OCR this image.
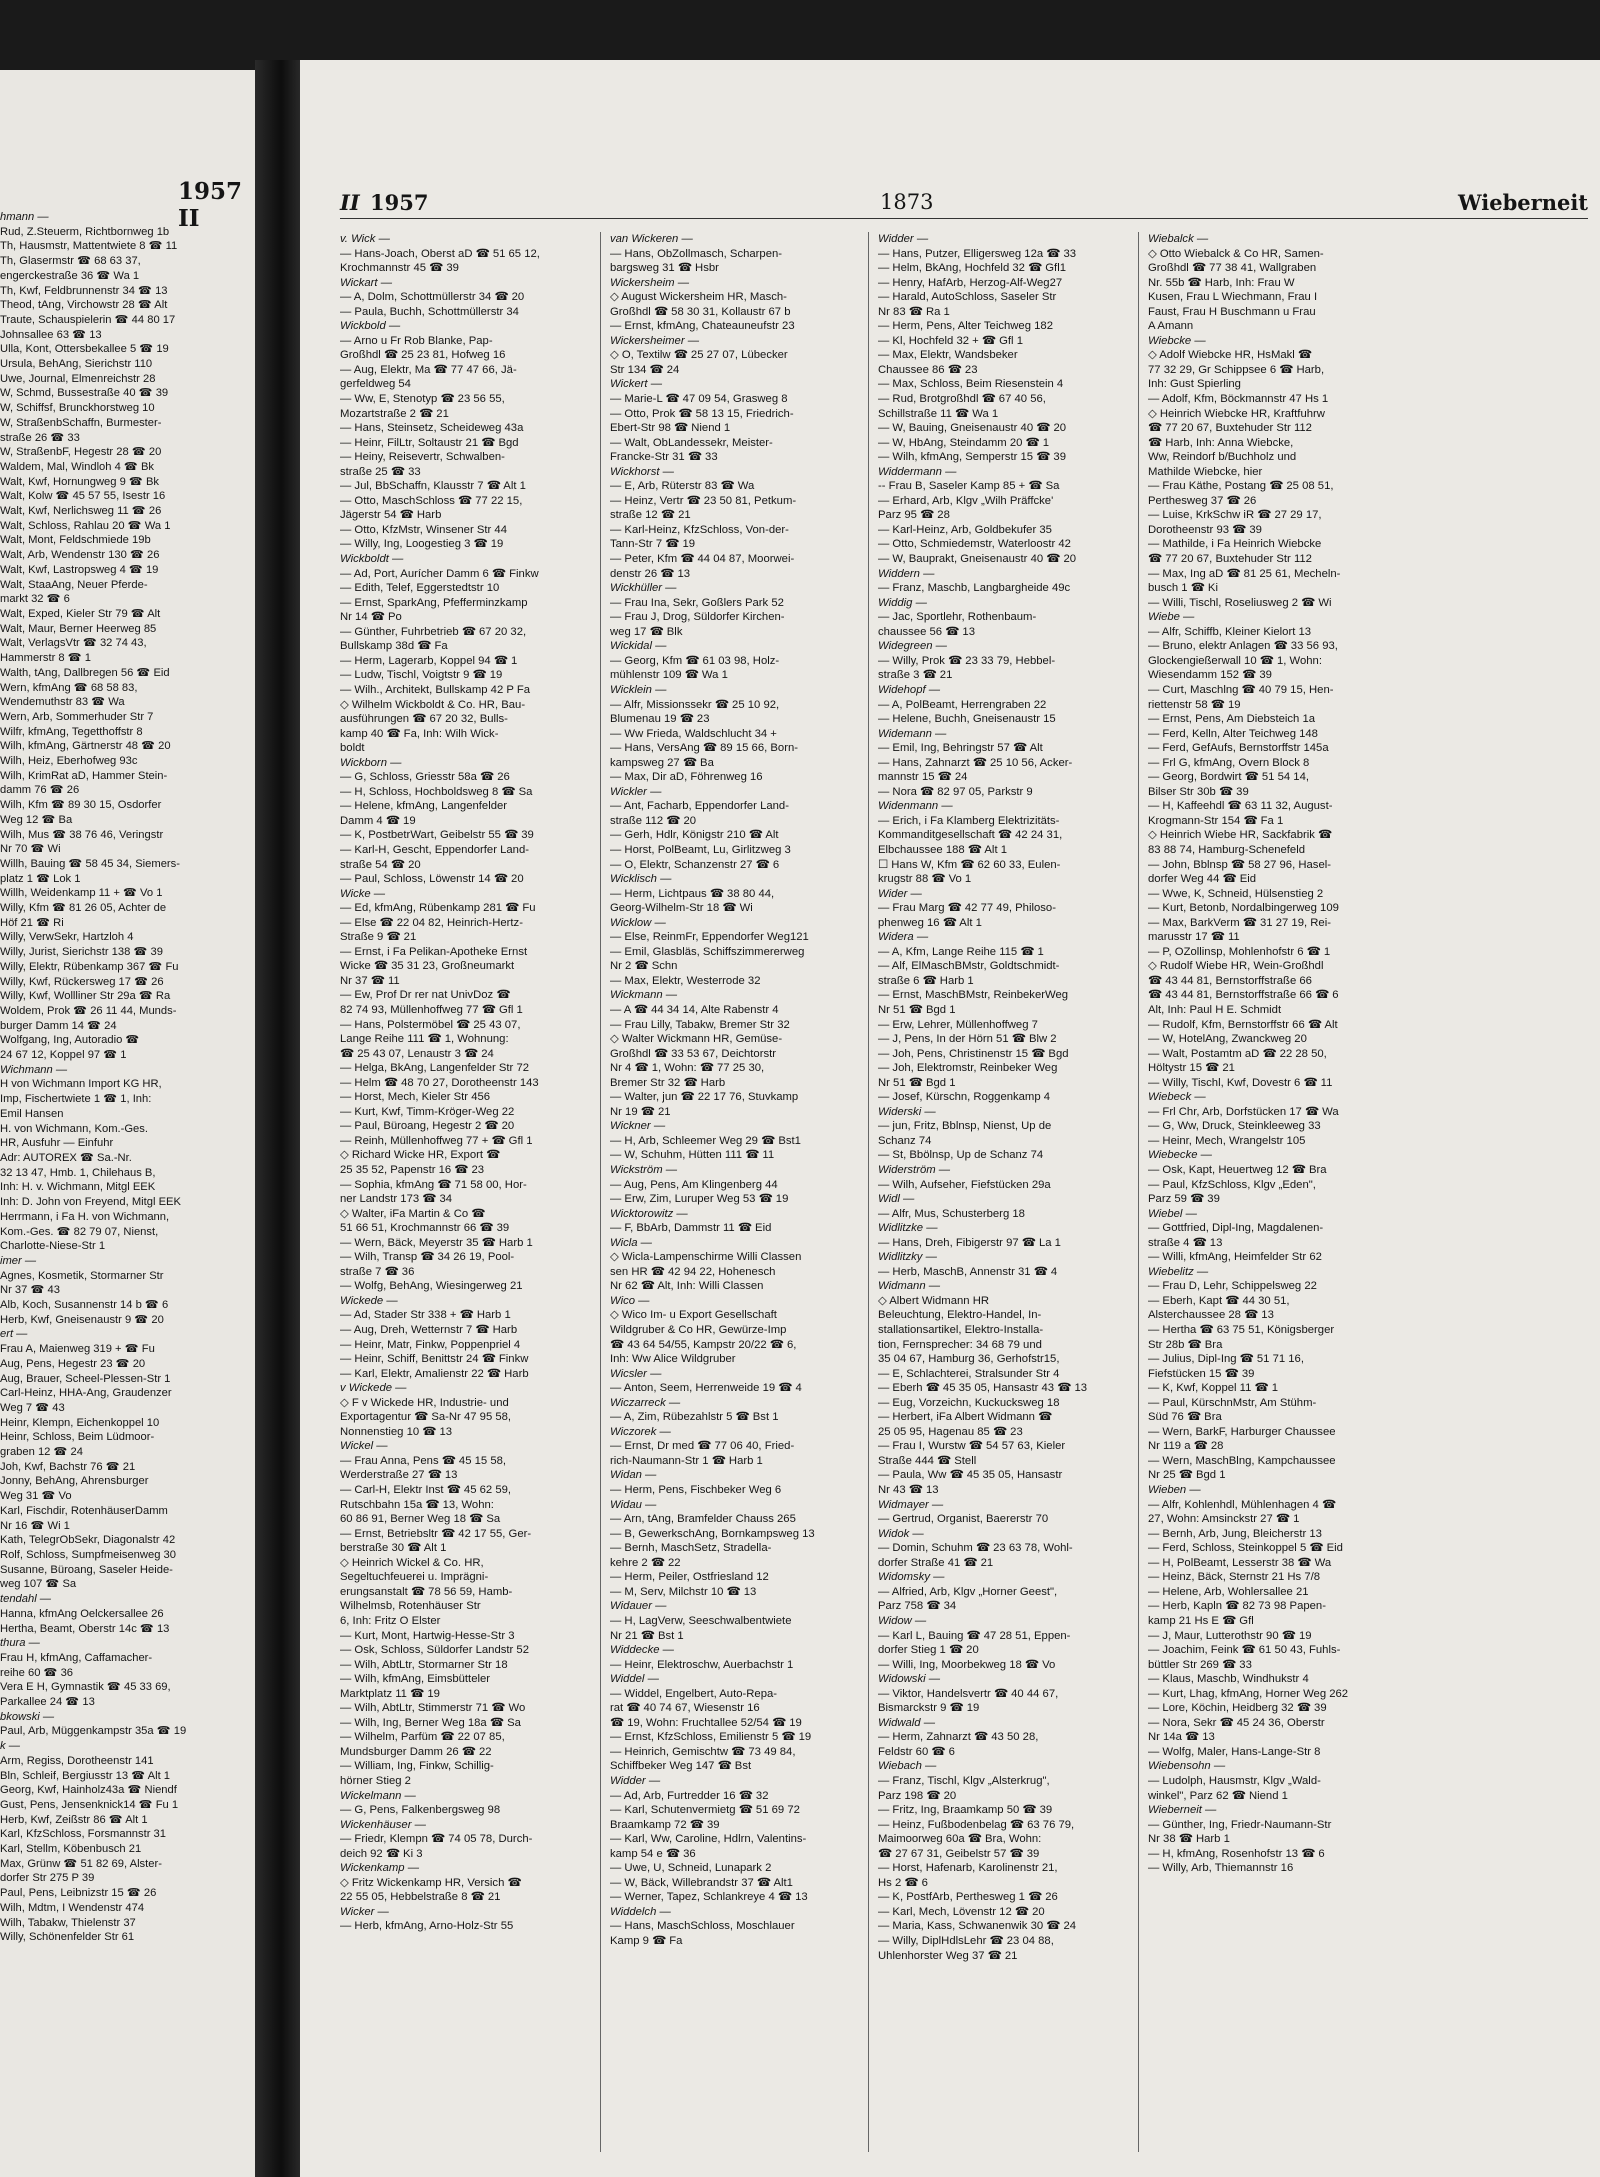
1957 II
hmann —
Rud, Z.Steuerm, Richtbornweg 1b
Th, Hausmstr, Mattentwiete 8 ☎ 11
Th, Glasermstr ☎ 68 63 37,
engerckestraße 36 ☎ Wa 1
Th, Kwf, Feldbrunnenstr 34 ☎ 13
Theod, tAng, Virchowstr 28 ☎ Alt
Traute, Schauspielerin ☎ 44 80 17
Johnsallee 63 ☎ 13
Ulla, Kont, Ottersbekallee 5 ☎ 19
Ursula, BehAng, Sierichstr 110
Uwe, Journal, Elmenreichstr 28
W, Schmd, Bussestraße 40 ☎ 39
W, Schiffsf, Brunckhorstweg 10
W, StraßenbSchaffn, Burmester-
straße 26 ☎ 33
W, StraßenbF, Hegestr 28 ☎ 20
Waldem, Mal, Windloh 4 ☎ Bk
Walt, Kwf, Hornungweg 9 ☎ Bk
Walt, Kolw ☎ 45 57 55, Isestr 16
Walt, Kwf, Nerlichsweg 11 ☎ 26
Walt, Schloss, Rahlau 20 ☎ Wa 1
Walt, Mont, Feldschmiede 19b
Walt, Arb, Wendenstr 130 ☎ 26
Walt, Kwf, Lastropsweg 4 ☎ 19
Walt, StaaAng, Neuer Pferde-
markt 32 ☎ 6
Walt, Exped, Kieler Str 79 ☎ Alt
Walt, Maur, Berner Heerweg 85
Walt, VerlagsVtr ☎ 32 74 43,
Hammerstr 8 ☎ 1
Walth, tAng, Dallbregen 56 ☎ Eid
Wern, kfmAng ☎ 68 58 83,
Wendemuthstr 83 ☎ Wa
Wern, Arb, Sommerhuder Str 7
Wilfr, kfmAng, Tegetthoffstr 8
Wilh, kfmAng, Gärtnerstr 48 ☎ 20
Wilh, Heiz, Eberhofweg 93c
Wilh, KrimRat aD, Hammer Stein-
damm 76 ☎ 26
Wilh, Kfm ☎ 89 30 15, Osdorfer
Weg 12 ☎ Ba
Wilh, Mus ☎ 38 76 46, Veringstr
Nr 70 ☎ Wi
Willh, Bauing ☎ 58 45 34, Siemers-
platz 1 ☎ Lok 1
Willh, Weidenkamp 11 + ☎ Vo 1
Willy, Kfm ☎ 81 26 05, Achter de
Höf 21 ☎ Ri
Willy, VerwSekr, Hartzloh 4
Willy, Jurist, Sierichstr 138 ☎ 39
Willy, Elektr, Rübenkamp 367 ☎ Fu
Willy, Kwf, Rückersweg 17 ☎ 26
Willy, Kwf, Wollliner Str 29a ☎ Ra
Woldem, Prok ☎ 26 11 44, Munds-
burger Damm 14 ☎ 24
Wolfgang, Ing, Autoradio ☎
24 67 12, Koppel 97 ☎ 1
Wichmann —
H von Wichmann Import KG HR,
Imp, Fischertwiete 1 ☎ 1, Inh:
Emil Hansen
H. von Wichmann, Kom.-Ges.
HR, Ausfuhr — Einfuhr
Adr: AUTOREX ☎ Sa.-Nr.
32 13 47, Hmb. 1, Chilehaus B,
Inh: H. v. Wichmann, Mitgl EEK
Inh: D. John von Freyend, Mitgl EEK
Herrmann, i Fa H. von Wichmann,
Kom.-Ges. ☎ 82 79 07, Nienst,
Charlotte-Niese-Str 1
imer —
Agnes, Kosmetik, Stormarner Str
Nr 37 ☎ 43
Alb, Koch, Susannenstr 14 b ☎ 6
Herb, Kwf, Gneisenaustr 9 ☎ 20
ert —
Frau A, Maienweg 319 + ☎ Fu
Aug, Pens, Hegestr 23 ☎ 20
Aug, Brauer, Scheel-Plessen-Str 1
Carl-Heinz, HHA-Ang, Graudenzer
Weg 7 ☎ 43
Heinr, Klempn, Eichenkoppel 10
Heinr, Schloss, Beim Lüdmoor-
graben 12 ☎ 24
Joh, Kwf, Bachstr 76 ☎ 21
Jonny, BehAng, Ahrensburger
Weg 31 ☎ Vo
Karl, Fischdir, RotenhäuserDamm
Nr 16 ☎ Wi 1
Kath, TelegrObSekr, Diagonalstr 42
Rolf, Schloss, Sumpfmeisenweg 30
Susanne, Büroang, Saseler Heide-
weg 107 ☎ Sa
tendahl —
Hanna, kfmAng Oelckersallee 26
Hertha, Beamt, Oberstr 14c ☎ 13
thura —
Frau H, kfmAng, Caffamacher-
reihe 60 ☎ 36
Vera E H, Gymnastik ☎ 45 33 69,
Parkallee 24 ☎ 13
bkowski —
Paul, Arb, Müggenkampstr 35a ☎ 19
k —
Arm, Regiss, Dorotheenstr 141
Bln, Schleif, Bergiusstr 13 ☎ Alt 1
Georg, Kwf, Hainholz43a ☎ Niendf
Gust, Pens, Jensenknick14 ☎ Fu 1
Herb, Kwf, Zeißstr 86 ☎ Alt 1
Karl, KfzSchloss, Forsmannstr 31
Karl, Stellm, Köbenbusch 21
Max, Grünw ☎ 51 82 69, Alster-
dorfer Str 275 P 39
Paul, Pens, Leibnizstr 15 ☎ 26
Wilh, Mdtm, I Wendenstr 474
Wilh, Tabakw, Thielenstr 37
Willy, Schönenfelder Str 61
II 1957	1873	Wieberneit
v. Wick —
— Hans-Joach, Oberst aD ☎ 51 65 12,
Krochmannstr 45 ☎ 39
Wickart —
— A, Dolm, Schottmüllerstr 34 ☎ 20
— Paula, Buchh, Schottmüllerstr 34
Wickbold —
— Arno u Fr Rob Blanke, Pap-
Großhdl ☎ 25 23 81, Hofweg 16
— Aug, Elektr, Ma ☎ 77 47 66, Jä-
gerfeldweg 54
— Ww, E, Stenotyp ☎ 23 56 55,
Mozartstraße 2 ☎ 21
— Hans, Steinsetz, Scheideweg 43a
— Heinr, FilLtr, Soltaustr 21 ☎ Bgd
— Heiny, Reisevertr, Schwalben-
straße 25 ☎ 33
— Jul, BbSchaffn, Klausstr 7 ☎ Alt 1
— Otto, MaschSchloss ☎ 77 22 15,
Jägerstr 54 ☎ Harb
— Otto, KfzMstr, Winsener Str 44
— Willy, Ing, Loogestieg 3 ☎ 19
Wickboldt —
— Ad, Port, Aurícher Damm 6 ☎ Finkw
— Edith, Telef, Eggerstedtstr 10
— Ernst, SparkAng, Pfefferminzkamp
Nr 14 ☎ Po
— Günther, Fuhrbetrieb ☎ 67 20 32,
Bullskamp 38d ☎ Fa
— Herm, Lagerarb, Koppel 94 ☎ 1
— Ludw, Tischl, Voigtstr 9 ☎ 19
— Wilh., Architekt, Bullskamp 42 P Fa
◇ Wilhelm Wickboldt & Co. HR, Bau-
ausführungen ☎ 67 20 32, Bulls-
kamp 40 ☎ Fa, Inh: Wilh Wick-
boldt
Wickborn —
— G, Schloss, Griesstr 58a ☎ 26
— H, Schloss, Hochboldsweg 8 ☎ Sa
— Helene, kfmAng, Langenfelder
Damm 4 ☎ 19
— K, PostbetrWart, Geibelstr 55 ☎ 39
— Karl-H, Gescht, Eppendorfer Land-
straße 54 ☎ 20
— Paul, Schloss, Löwenstr 14 ☎ 20
Wicke —
— Ed, kfmAng, Rübenkamp 281 ☎ Fu
— Else ☎ 22 04 82, Heinrich-Hertz-
Straße 9 ☎ 21
— Ernst, i Fa Pelikan-Apotheke Ernst
Wicke ☎ 35 31 23, Großneumarkt
Nr 37 ☎ 11
— Ew, Prof Dr rer nat UnivDoz ☎
82 74 93, Müllenhoffweg 77 ☎ Gfl 1
— Hans, Polstermöbel ☎ 25 43 07,
Lange Reihe 111 ☎ 1, Wohnung:
☎ 25 43 07, Lenaustr 3 ☎ 24
— Helga, BkAng, Langenfelder Str 72
— Helm ☎ 48 70 27, Dorotheenstr 143
— Horst, Mech, Kieler Str 456
— Kurt, Kwf, Timm-Kröger-Weg 22
— Paul, Büroang, Hegestr 2 ☎ 20
— Reinh, Müllenhoffweg 77 + ☎ Gfl 1
◇ Richard Wicke HR, Export ☎
25 35 52, Papenstr 16 ☎ 23
— Sophia, kfmAng ☎ 71 58 00, Hor-
ner Landstr 173 ☎ 34
◇ Walter, iFa Martin & Co ☎
51 66 51, Krochmannstr 66 ☎ 39
— Wern, Bäck, Meyerstr 35 ☎ Harb 1
— Wilh, Transp ☎ 34 26 19, Pool-
straße 7 ☎ 36
— Wolfg, BehAng, Wiesingerweg 21
Wickede —
— Ad, Stader Str 338 + ☎ Harb 1
— Aug, Dreh, Wetternstr 7 ☎ Harb
— Heinr, Matr, Finkw, Poppenpriel 4
— Heinr, Schiff, Benittstr 24 ☎ Finkw
— Karl, Elektr, Amalienstr 22 ☎ Harb
v Wickede —
◇ F v Wickede HR, Industrie- und
Exportagentur ☎ Sa-Nr 47 95 58,
Nonnenstieg 10 ☎ 13
Wickel —
— Frau Anna, Pens ☎ 45 15 58,
Werderstraße 27 ☎ 13
— Carl-H, Elektr Inst ☎ 45 62 59,
Rutschbahn 15a ☎ 13, Wohn:
60 86 91, Berner Weg 18 ☎ Sa
— Ernst, Betriebsltr ☎ 42 17 55, Ger-
berstraße 30 ☎ Alt 1
◇ Heinrich Wickel & Co. HR,
Segeltuchfeuerei u. Imprägni-
erungsanstalt ☎ 78 56 59, Hamb-
Wilhelmsb, Rotenhäuser Str
6, Inh: Fritz O Elster
— Kurt, Mont, Hartwig-Hesse-Str 3
— Osk, Schloss, Süldorfer Landstr 52
— Wilh, AbtLtr, Stormarner Str 18
— Wilh, kfmAng, Eimsbütteler
Marktplatz 11 ☎ 19
— Wilh, AbtLtr, Stimmerstr 71 ☎ Wo
— Wilh, Ing, Berner Weg 18a ☎ Sa
— Wilhelm, Parfüm ☎ 22 07 85,
Mundsburger Damm 26 ☎ 22
— William, Ing, Finkw, Schillig-
hörner Stieg 2
Wickelmann —
— G, Pens, Falkenbergsweg 98
Wickenhäuser —
— Friedr, Klempn ☎ 74 05 78, Durch-
deich 92 ☎ Ki 3
Wickenkamp —
◇ Fritz Wickenkamp HR, Versich ☎
22 55 05, Hebbelstraße 8 ☎ 21
Wicker —
— Herb, kfmAng, Arno-Holz-Str 55
van Wickeren —
— Hans, ObZollmasch, Scharpen-
bargsweg 31 ☎ Hsbr
Wickersheim —
◇ August Wickersheim HR, Masch-
Großhdl ☎ 58 30 31, Kollaustr 67 b
— Ernst, kfmAng, Chateauneufstr 23
Wickersheimer —
◇ O, Textilw ☎ 25 27 07, Lübecker
Str 134 ☎ 24
Wickert —
— Marie-L ☎ 47 09 54, Grasweg 8
— Otto, Prok ☎ 58 13 15, Friedrich-
Ebert-Str 98 ☎ Niend 1
— Walt, ObLandessekr, Meister-
Francke-Str 31 ☎ 33
Wickhorst —
— E, Arb, Rüterstr 83 ☎ Wa
— Heinz, Vertr ☎ 23 50 81, Petkum-
straße 12 ☎ 21
— Karl-Heinz, KfzSchloss, Von-der-
Tann-Str 7 ☎ 19
— Peter, Kfm ☎ 44 04 87, Moorwei-
denstr 26 ☎ 13
Wickhüller —
— Frau Ina, Sekr, Goßlers Park 52
— Frau J, Drog, Süldorfer Kirchen-
weg 17 ☎ Blk
Wickidal —
— Georg, Kfm ☎ 61 03 98, Holz-
mühlenstr 109 ☎ Wa 1
Wicklein —
— Alfr, Missionssekr ☎ 25 10 92,
Blumenau 19 ☎ 23
— Ww Frieda, Waldschlucht 34 +
— Hans, VersAng ☎ 89 15 66, Born-
kampsweg 27 ☎ Ba
— Max, Dir aD, Föhrenweg 16
Wickler —
— Ant, Facharb, Eppendorfer Land-
straße 112 ☎ 20
— Gerh, Hdlr, Königstr 210 ☎ Alt
— Horst, PolBeamt, Lu, Girlitzweg 3
— O, Elektr, Schanzenstr 27 ☎ 6
Wicklisch —
— Herm, Lichtpaus ☎ 38 80 44,
Georg-Wilhelm-Str 18 ☎ Wi
Wicklow —
— Else, ReinmFr, Eppendorfer Weg121
— Emil, Glasbläs, Schiffszimmererweg
Nr 2 ☎ Schn
— Max, Elektr, Westerrode 32
Wickmann —
— A ☎ 44 34 14, Alte Rabenstr 4
— Frau Lilly, Tabakw, Bremer Str 32
◇ Walter Wickmann HR, Gemüse-
Großhdl ☎ 33 53 67, Deichtorstr
Nr 4 ☎ 1, Wohn: ☎ 77 25 30,
Bremer Str 32 ☎ Harb
— Walter, jun ☎ 22 17 76, Stuvkamp
Nr 19 ☎ 21
Wickner —
— H, Arb, Schleemer Weg 29 ☎ Bst1
— W, Schuhm, Hütten 111 ☎ 11
Wickström —
— Aug, Pens, Am Klingenberg 44
— Erw, Zim, Luruper Weg 53 ☎ 19
Wicktorowitz —
— F, BbArb, Dammstr 11 ☎ Eid
Wicla —
◇ Wicla-Lampenschirme Willi Classen
sen HR ☎ 42 94 22, Hohenesch
Nr 62 ☎ Alt, Inh: Willi Classen
Wico —
◇ Wico Im- u Export Gesellschaft
Wildgruber & Co HR, Gewürze-Imp
☎ 43 64 54/55, Kampstr 20/22 ☎ 6,
Inh: Ww Alice Wildgruber
Wicsler —
— Anton, Seem, Herrenweide 19 ☎ 4
Wiczarreck —
— A, Zim, Rübezahlstr 5 ☎ Bst 1
Wiczorek —
— Ernst, Dr med ☎ 77 06 40, Fried-
rich-Naumann-Str 1 ☎ Harb 1
Widan —
— Herm, Pens, Fischbeker Weg 6
Widau —
— Arn, tAng, Bramfelder Chauss 265
— B, GewerkschAng, Bornkampsweg 13
— Bernh, MaschSetz, Stradella-
kehre 2 ☎ 22
— Herm, Peiler, Ostfriesland 12
— M, Serv, Milchstr 10 ☎ 13
Widauer —
— H, LagVerw, Seeschwalbentwiete
Nr 21 ☎ Bst 1
Widdecke —
— Heinr, Elektroschw, Auerbachstr 1
Widdel —
— Widdel, Engelbert, Auto-Repa-
rat ☎ 40 74 67, Wiesenstr 16
☎ 19, Wohn: Fruchtallee 52/54 ☎ 19
— Ernst, KfzSchloss, Emilienstr 5 ☎ 19
— Heinrich, Gemischtw ☎ 73 49 84,
Schiffbeker Weg 147 ☎ Bst
Widder —
— Ad, Arb, Furtredder 16 ☎ 32
— Karl, Schutenvermietg ☎ 51 69 72
Braamkamp 72 ☎ 39
— Karl, Ww, Caroline, Hdlrn, Valentins-
kamp 54 e ☎ 36
— Uwe, U, Schneid, Lunapark 2
— W, Bäck, Willebrandstr 37 ☎ Alt1
— Werner, Tapez, Schlankreye 4 ☎ 13
Widdelch —
— Hans, MaschSchloss, Moschlauer
Kamp 9 ☎ Fa
Widder —
— Hans, Putzer, Elligersweg 12a ☎ 33
— Helm, BkAng, Hochfeld 32 ☎ Gfl1
— Henry, HafArb, Herzog-Alf-Weg27
— Harald, AutoSchloss, Saseler Str
Nr 83 ☎ Ra 1
— Herm, Pens, Alter Teichweg 182
— Kl, Hochfeld 32 + ☎ Gfl 1
— Max, Elektr, Wandsbeker
Chaussee 86 ☎ 23
— Max, Schloss, Beim Riesenstein 4
— Rud, Brotgroßhdl ☎ 67 40 56,
Schillstraße 11 ☎ Wa 1
— W, Bauing, Gneisenaustr 40 ☎ 20
— W, HbAng, Steindamm 20 ☎ 1
— Wilh, kfmAng, Semperstr 15 ☎ 39
Widdermann —
-- Frau B, Saseler Kamp 85 + ☎ Sa
— Erhard, Arb, Klgv „Wilh Präffcke'
Parz 95 ☎ 28
— Karl-Heinz, Arb, Goldbekufer 35
— Otto, Schmiedemstr, Waterloostr 42
— W, Bauprakt, Gneisenaustr 40 ☎ 20
Widdern —
— Franz, Maschb, Langbargheide 49c
Widdig —
— Jac, Sportlehr, Rothenbaum-
chaussee 56 ☎ 13
Widegreen —
— Willy, Prok ☎ 23 33 79, Hebbel-
straße 3 ☎ 21
Widehopf —
— A, PolBeamt, Herrengraben 22
— Helene, Buchh, Gneisenaustr 15
Widemann —
— Emil, Ing, Behringstr 57 ☎ Alt
— Hans, Zahnarzt ☎ 25 10 56, Acker-
mannstr 15 ☎ 24
— Nora ☎ 82 97 05, Parkstr 9
Widenmann —
— Erich, i Fa Klamberg Elektrizitäts-
Kommanditgesellschaft ☎ 42 24 31,
Elbchaussee 188 ☎ Alt 1
☐ Hans W, Kfm ☎ 62 60 33, Eulen-
krugstr 88 ☎ Vo 1
Wider —
— Frau Marg ☎ 42 77 49, Philoso-
phenweg 16 ☎ Alt 1
Widera —
— A, Kfm, Lange Reihe 115 ☎ 1
— Alf, ElMaschBMstr, Goldtschmidt-
straße 6 ☎ Harb 1
— Ernst, MaschBMstr, ReinbekerWeg
Nr 51 ☎ Bgd 1
— Erw, Lehrer, Müllenhoffweg 7
— J, Pens, In der Hörn 51 ☎ Blw 2
— Joh, Pens, Christinenstr 15 ☎ Bgd
— Joh, Elektromstr, Reinbeker Weg
Nr 51 ☎ Bgd 1
— Josef, Kürschn, Roggenkamp 4
Widerski —
— jun, Fritz, Bblnsp, Nienst, Up de
Schanz 74
— St, Bbölnsp, Up de Schanz 74
Widerström —
— Wilh, Aufseher, Fiefstücken 29a
Widl —
— Alfr, Mus, Schusterberg 18
Widlitzke —
— Hans, Dreh, Fibigerstr 97 ☎ La 1
Widlitzky —
— Herb, MaschB, Annenstr 31 ☎ 4
Widmann —
◇ Albert Widmann HR
Beleuchtung, Elektro-Handel, In-
stallationsartikel, Elektro-Installa-
tion, Fernsprecher: 34 68 79 und
35 04 67, Hamburg 36, Gerhofstr15,
— E, Schlachterei, Stralsunder Str 4
— Eberh ☎ 45 35 05, Hansastr 43 ☎ 13
— Eug, Vorzeichn, Kuckucksweg 18
— Herbert, iFa Albert Widmann ☎
25 05 95, Hagenau 85 ☎ 23
— Frau I, Wurstw ☎ 54 57 63, Kieler
Straße 444 ☎ Stell
— Paula, Ww ☎ 45 35 05, Hansastr
Nr 43 ☎ 13
Widmayer —
— Gertrud, Organist, Baererstr 70
Widok —
— Domin, Schuhm ☎ 23 63 78, Wohl-
dorfer Straße 41 ☎ 21
Widomsky —
— Alfried, Arb, Klgv „Horner Geest",
Parz 758 ☎ 34
Widow —
— Karl L, Bauing ☎ 47 28 51, Eppen-
dorfer Stieg 1 ☎ 20
— Willi, Ing, Moorbekweg 18 ☎ Vo
Widowski —
— Viktor, Handelsvertr ☎ 40 44 67,
Bismarckstr 9 ☎ 19
Widwald —
— Herm, Zahnarzt ☎ 43 50 28,
Feldstr 60 ☎ 6
Wiebach —
— Franz, Tischl, Klgv „Alsterkrug",
Parz 198 ☎ 20
— Fritz, Ing, Braamkamp 50 ☎ 39
— Heinz, Fußbodenbelag ☎ 63 76 79,
Maimoorweg 60a ☎ Bra, Wohn:
☎ 27 67 31, Geibelstr 57 ☎ 39
— Horst, Hafenarb, Karolinenstr 21,
Hs 2 ☎ 6
— K, PostfArb, Perthesweg 1 ☎ 26
— Karl, Mech, Lövenstr 12 ☎ 20
— Maria, Kass, Schwanenwik 30 ☎ 24
— Willy, DiplHdlsLehr ☎ 23 04 88,
Uhlenhorster Weg 37 ☎ 21
Wiebalck —
◇ Otto Wiebalck & Co HR, Samen-
Großhdl ☎ 77 38 41, Wallgraben
Nr. 55b ☎ Harb, Inh: Frau W
Kusen, Frau L Wiechmann, Frau I
Faust, Frau H Buschmann u Frau
A Amann
Wiebcke —
◇ Adolf Wiebcke HR, HsMakl ☎
77 32 29, Gr Schippsee 6 ☎ Harb,
Inh: Gust Spierling
— Adolf, Kfm, Böckmannstr 47 Hs 1
◇ Heinrich Wiebcke HR, Kraftfuhrw
☎ 77 20 67, Buxtehuder Str 112
☎ Harb, Inh: Anna Wiebcke,
Ww, Reindorf b/Buchholz und
Mathilde Wiebcke, hier
— Frau Käthe, Postang ☎ 25 08 51,
Perthesweg 37 ☎ 26
— Luise, KrkSchw iR ☎ 27 29 17,
Dorotheenstr 93 ☎ 39
— Mathilde, i Fa Heinrich Wiebcke
☎ 77 20 67, Buxtehuder Str 112
— Max, Ing aD ☎ 81 25 61, Mecheln-
busch 1 ☎ Ki
— Willi, Tischl, Roseliusweg 2 ☎ Wi
Wiebe —
— Alfr, Schiffb, Kleiner Kielort 13
— Bruno, elektr Anlagen ☎ 33 56 93,
Glockengießerwall 10 ☎ 1, Wohn:
Wiesendamm 152 ☎ 39
— Curt, Maschlng ☎ 40 79 15, Hen-
riettenstr 58 ☎ 19
— Ernst, Pens, Am Diebsteich 1a
— Ferd, Kelln, Alter Teichweg 148
— Ferd, GefAufs, Bernstorffstr 145a
— Frl G, kfmAng, Overn Block 8
— Georg, Bordwirt ☎ 51 54 14,
Bilser Str 30b ☎ 39
— H, Kaffeehdl ☎ 63 11 32, August-
Krogmann-Str 154 ☎ Fa 1
◇ Heinrich Wiebe HR, Sackfabrik ☎
83 88 74, Hamburg-Schenefeld
— John, Bblnsp ☎ 58 27 96, Hasel-
dorfer Weg 44 ☎ Eid
— Wwe, K, Schneid, Hülsenstieg 2
— Kurt, Betonb, Nordalbingerweg 109
— Max, BarkVerm ☎ 31 27 19, Rei-
marusstr 17 ☎ 11
— P, OZollinsp, Mohlenhofstr 6 ☎ 1
◇ Rudolf Wiebe HR, Wein-Großhdl
☎ 43 44 81, Bernstorffstraße 66
☎ 43 44 81, Bernstorffstraße 66 ☎ 6
Alt, Inh: Paul H E. Schmidt
— Rudolf, Kfm, Bernstorffstr 66 ☎ Alt
— W, HotelAng, Zwanckweg 20
— Walt, Postamtm aD ☎ 22 28 50,
Höltystr 15 ☎ 21
— Willy, Tischl, Kwf, Dovestr 6 ☎ 11
Wiebeck —
— Frl Chr, Arb, Dorfstücken 17 ☎ Wa
— G, Ww, Druck, Steinkleeweg 33
— Heinr, Mech, Wrangelstr 105
Wiebecke —
— Osk, Kapt, Heuertweg 12 ☎ Bra
— Paul, KfzSchloss, Klgv „Eden",
Parz 59 ☎ 39
Wiebel —
— Gottfried, Dipl-Ing, Magdalenen-
straße 4 ☎ 13
— Willi, kfmAng, Heimfelder Str 62
Wiebelitz —
— Frau D, Lehr, Schippelsweg 22
— Eberh, Kapt ☎ 44 30 51,
Alsterchaussee 28 ☎ 13
— Hertha ☎ 63 75 51, Königsberger
Str 28b ☎ Bra
— Julius, Dipl-Ing ☎ 51 71 16,
Fiefstücken 15 ☎ 39
— K, Kwf, Koppel 11 ☎ 1
— Paul, KürschnMstr, Am Stühm-
Süd 76 ☎ Bra
— Wern, BarkF, Harburger Chaussee
Nr 119 a ☎ 28
— Wern, MaschBlng, Kampchaussee
Nr 25 ☎ Bgd 1
Wieben —
— Alfr, Kohlenhdl, Mühlenhagen 4 ☎
27, Wohn: Amsinckstr 27 ☎ 1
— Bernh, Arb, Jung, Bleicherstr 13
— Ferd, Schloss, Steinkoppel 5 ☎ Eid
— H, PolBeamt, Lesserstr 38 ☎ Wa
— Heinz, Bäck, Sternstr 21 Hs 7/8
— Helene, Arb, Wohlersallee 21
— Herb, Kapln ☎ 82 73 98 Papen-
kamp 21 Hs E ☎ Gfl
— J, Maur, Lutterothstr 90 ☎ 19
— Joachim, Feink ☎ 61 50 43, Fuhls-
büttler Str 269 ☎ 33
— Klaus, Maschb, Windhukstr 4
— Kurt, Lhag, kfmAng, Horner Weg 262
— Lore, Köchin, Heidberg 32 ☎ 39
— Nora, Sekr ☎ 45 24 36, Oberstr
Nr 14a ☎ 13
— Wolfg, Maler, Hans-Lange-Str 8
Wiebensohn —
— Ludolph, Hausmstr, Klgv „Wald-
winkel", Parz 62 ☎ Niend 1
Wieberneit —
— Günther, Ing, Friedr-Naumann-Str
Nr 38 ☎ Harb 1
— H, kfmAng, Rosenhofstr 13 ☎ 6
— Willy, Arb, Thiemannstr 16
